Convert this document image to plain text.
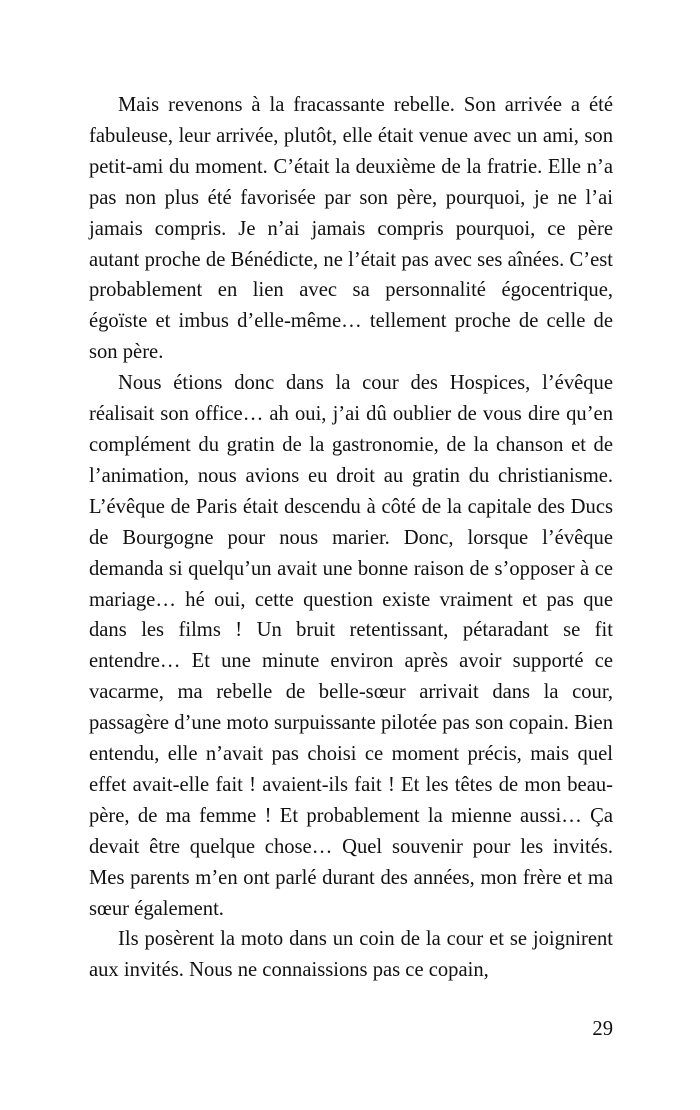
Mais revenons à la fracassante rebelle. Son arrivée a été fabuleuse, leur arrivée, plutôt, elle était venue avec un ami, son petit-ami du moment. C’était la deuxième de la fratrie. Elle n’a pas non plus été favorisée par son père, pourquoi, je ne l’ai jamais compris. Je n’ai jamais compris pourquoi, ce père autant proche de Bénédicte, ne l’était pas avec ses aînées. C’est probablement en lien avec sa personnalité égocentrique, égoïste et imbus d’elle-même… tellement proche de celle de son père.

Nous étions donc dans la cour des Hospices, l’évêque réalisait son office… ah oui, j’ai dû oublier de vous dire qu’en complément du gratin de la gastronomie, de la chanson et de l’animation, nous avions eu droit au gratin du christianisme. L’évêque de Paris était descendu à côté de la capitale des Ducs de Bourgogne pour nous marier. Donc, lorsque l’évêque demanda si quelqu’un avait une bonne raison de s’opposer à ce mariage… hé oui, cette question existe vraiment et pas que dans les films ! Un bruit retentissant, pétaradant se fit entendre… Et une minute environ après avoir supporté ce vacarme, ma rebelle de belle-sœur arrivait dans la cour, passagère d’une moto surpuissante pilotée pas son copain. Bien entendu, elle n’avait pas choisi ce moment précis, mais quel effet avait-elle fait ! avaient-ils fait ! Et les têtes de mon beau-père, de ma femme ! Et probablement la mienne aussi… Ça devait être quelque chose… Quel souvenir pour les invités. Mes parents m’en ont parlé durant des années, mon frère et ma sœur également.

Ils posèrent la moto dans un coin de la cour et se joignirent aux invités. Nous ne connaissions pas ce copain,

29
